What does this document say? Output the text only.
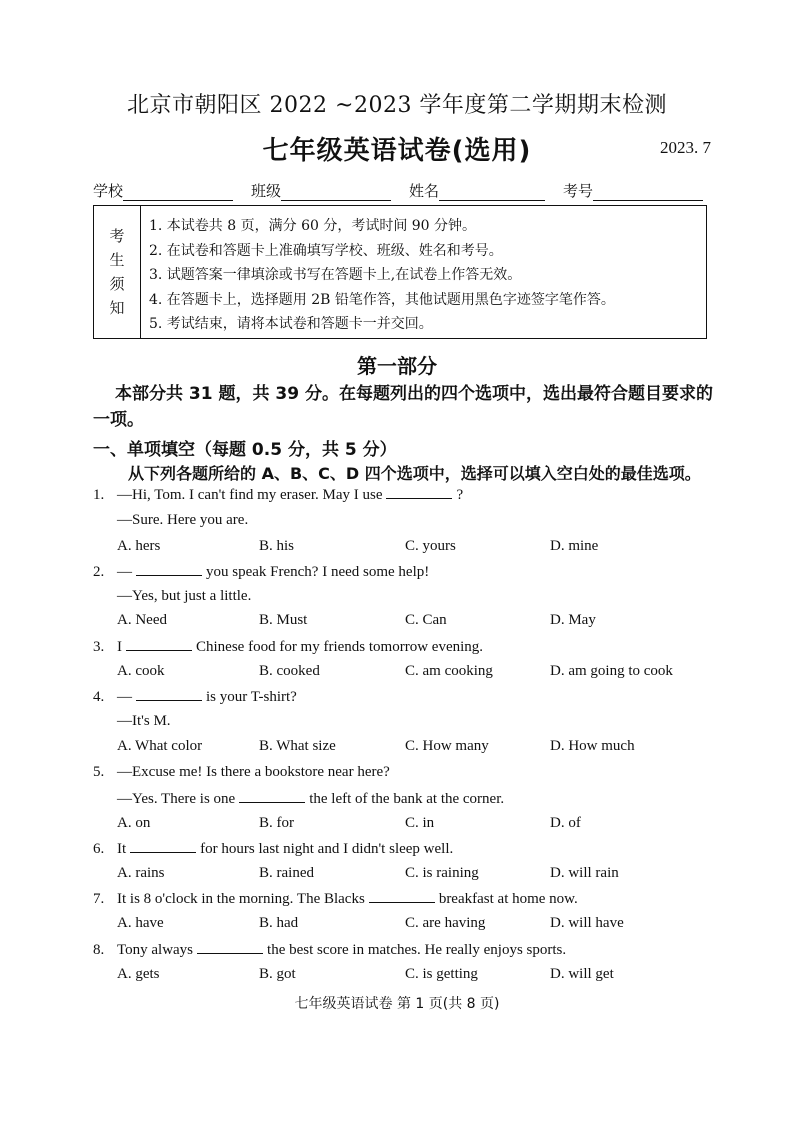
北京市朝阳区 2022 ~2023 学年度第二学期期末检测
七年级英语试卷(选用)	2023. 7
学校	班级	姓名	考号
考
生
须
知
1. 本试卷共 8 页，满分 60 分，考试时间 90 分钟。
2. 在试卷和答题卡上准确填写学校、班级、姓名和考号。
3. 试题答案一律填涂或书写在答题卡上,在试卷上作答无效。
4. 在答题卡上，选择题用 2B 铅笔作答，其他试题用黑色字迹签字笔作答。
5. 考试结束，请将本试卷和答题卡一并交回。
第一部分
本部分共 31 题，共 39 分。在每题列出的四个选项中，选出最符合题目要求的一项。
一、单项填空（每题 0.5 分，共 5 分）
从下列各题所给的 A、B、C、D 四个选项中，选择可以填入空白处的最佳选项。
1. —Hi, Tom. I can't find my eraser. May I use	?
—Sure. Here you are.
A. hers	B. his	C. yours	D. mine
2. —	you speak French? I need some help!
—Yes, but just a little.
A. Need	B. Must	C. Can	D. May
3. I	Chinese food for my friends tomorrow evening.
A. cook	B. cooked	C. am cooking	D. am going to cook
4. —	is your T-shirt?
—It's M.
A. What color	B. What size	C. How many	D. How much
5. —Excuse me! Is there a bookstore near here?
—Yes. There is one	the left of the bank at the corner.
A. on	B. for	C. in	D. of
6. It	for hours last night and I didn't sleep well.
A. rains	B. rained	C. is raining	D. will rain
7. It is 8 o'clock in the morning. The Blacks	breakfast at home now.
A. have	B. had	C. are having	D. will have
8. Tony always	the best score in matches. He really enjoys sports.
A. gets	B. got	C. is getting	D. will get
七年级英语试卷 第 1 页(共 8 页)
